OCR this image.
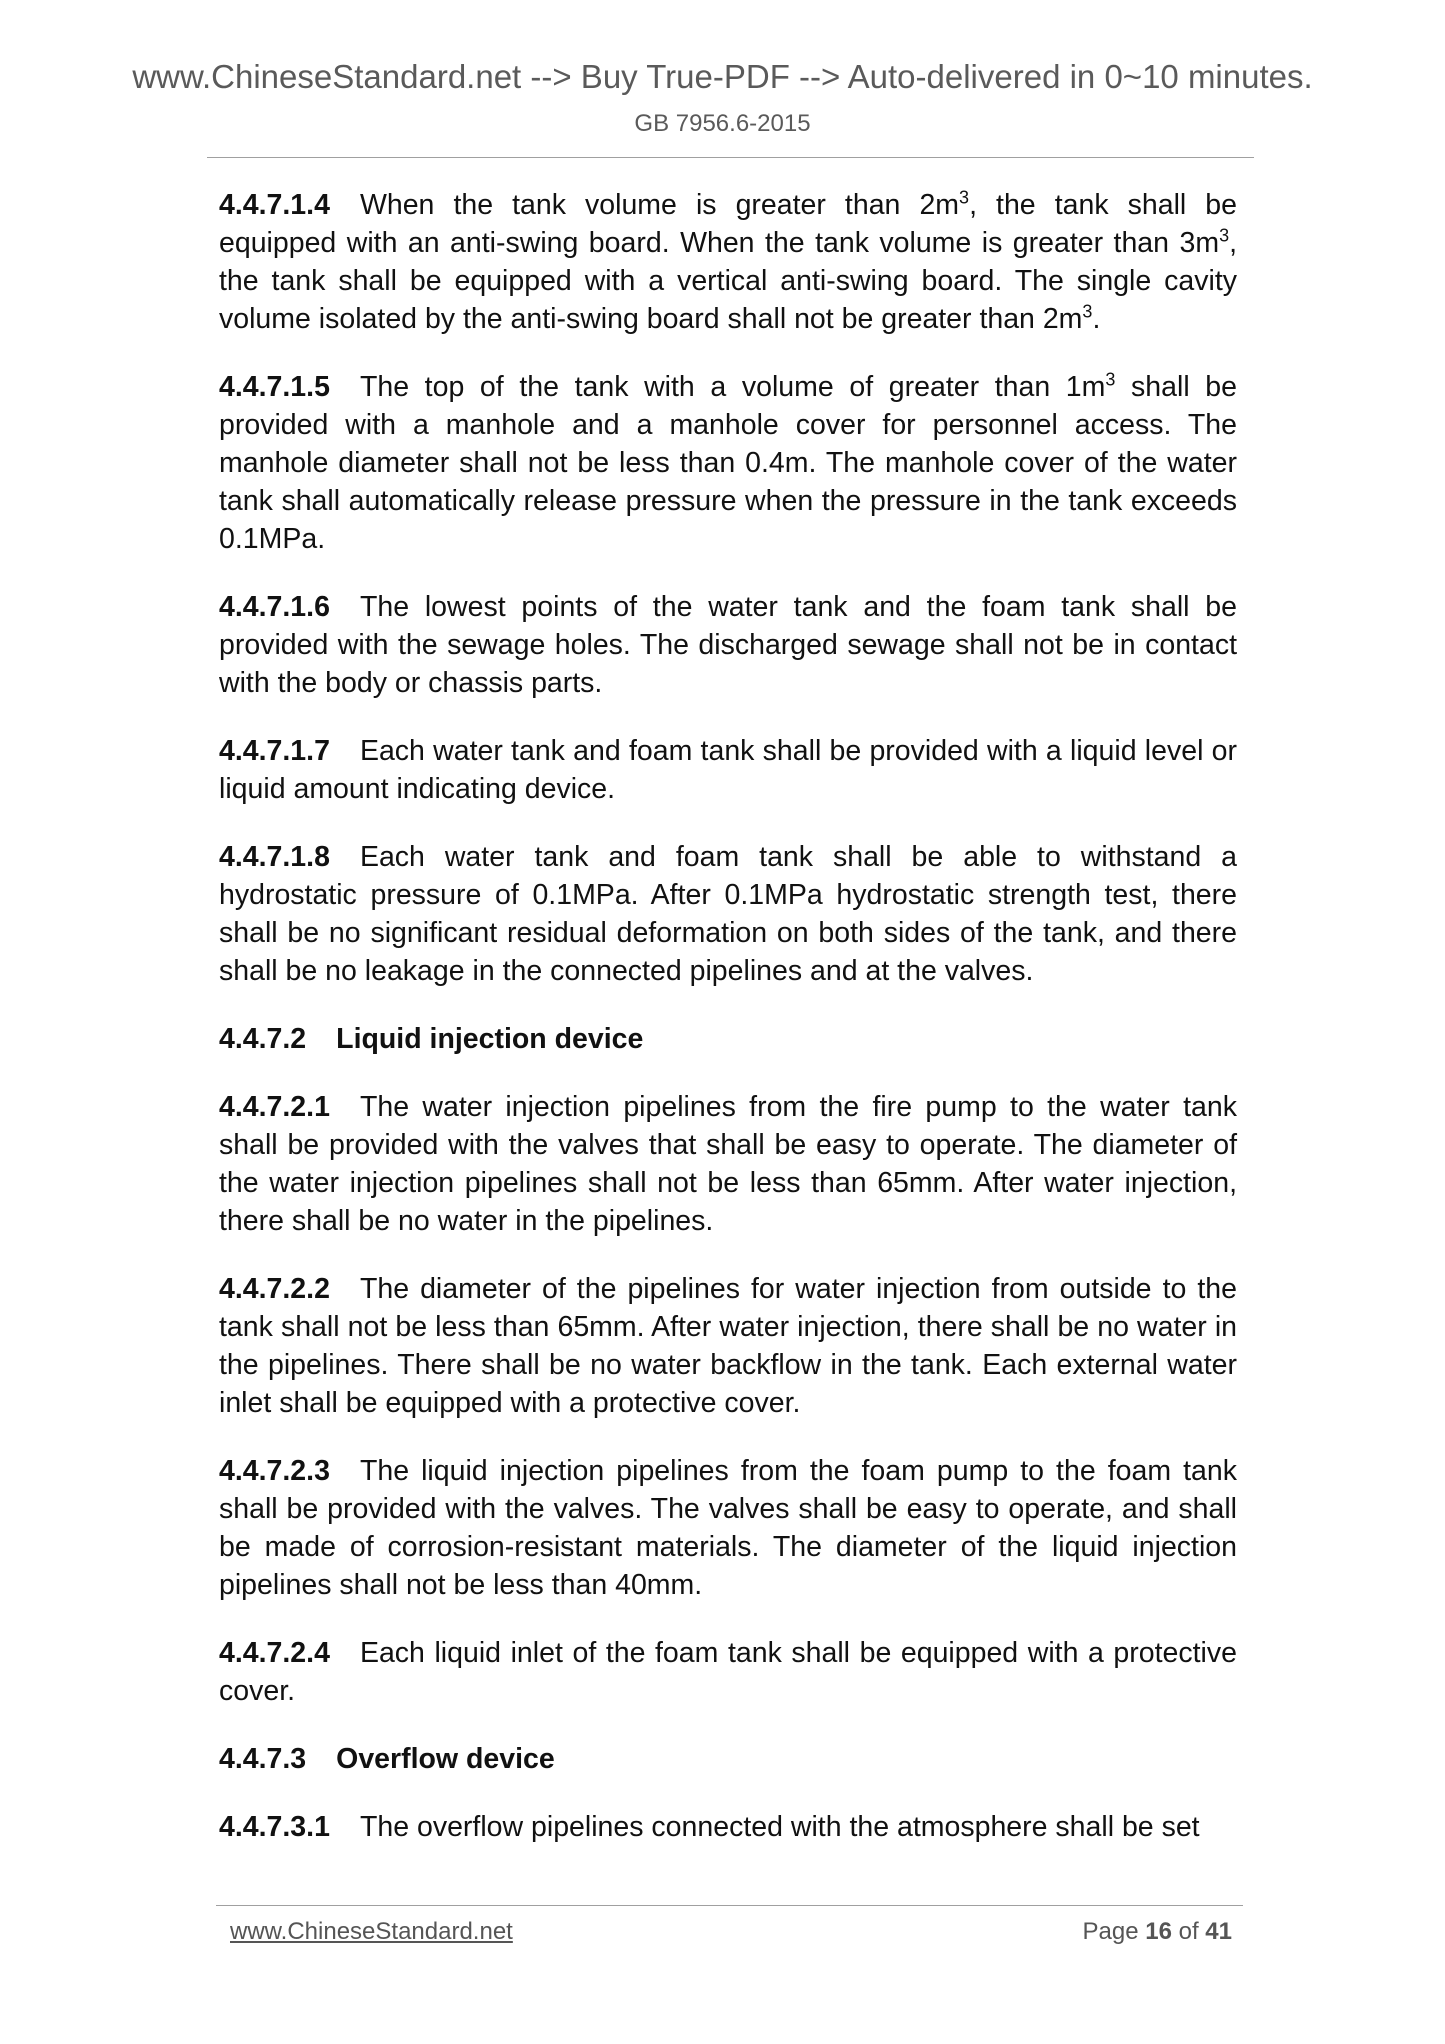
www.ChineseStandard.net --> Buy True-PDF --> Auto-delivered in 0~10 minutes.
GB 7956.6-2015

4.4.7.1.4 When the tank volume is greater than $2m^3$, the tank shall be equipped with an anti-swing board. When the tank volume is greater than $3m^3$, the tank shall be equipped with a vertical anti-swing board. The single cavity volume isolated by the anti-swing board shall not be greater than $2m^3$.

4.4.7.1.5 The top of the tank with a volume of greater than $1m^3$ shall be provided with a manhole and a manhole cover for personnel access. The manhole diameter shall not be less than 0.4m. The manhole cover of the water tank shall automatically release pressure when the pressure in the tank exceeds 0.1MPa.

4.4.7.1.6 The lowest points of the water tank and the foam tank shall be provided with the sewage holes. The discharged sewage shall not be in contact with the body or chassis parts.

4.4.7.1.7 Each water tank and foam tank shall be provided with a liquid level or liquid amount indicating device.

4.4.7.1.8 Each water tank and foam tank shall be able to withstand a hydrostatic pressure of 0.1MPa. After 0.1MPa hydrostatic strength test, there shall be no significant residual deformation on both sides of the tank, and there shall be no leakage in the connected pipelines and at the valves.

4.4.7.2 Liquid injection device

4.4.7.2.1 The water injection pipelines from the fire pump to the water tank shall be provided with the valves that shall be easy to operate. The diameter of the water injection pipelines shall not be less than 65mm. After water injection, there shall be no water in the pipelines.

4.4.7.2.2 The diameter of the pipelines for water injection from outside to the tank shall not be less than 65mm. After water injection, there shall be no water in the pipelines. There shall be no water backflow in the tank. Each external water inlet shall be equipped with a protective cover.

4.4.7.2.3 The liquid injection pipelines from the foam pump to the foam tank shall be provided with the valves. The valves shall be easy to operate, and shall be made of corrosion-resistant materials. The diameter of the liquid injection pipelines shall not be less than 40mm.

4.4.7.2.4 Each liquid inlet of the foam tank shall be equipped with a protective cover.

4.4.7.3 Overflow device

4.4.7.3.1 The overflow pipelines connected with the atmosphere shall be set

www.ChineseStandard.net	Page 16 of 41
